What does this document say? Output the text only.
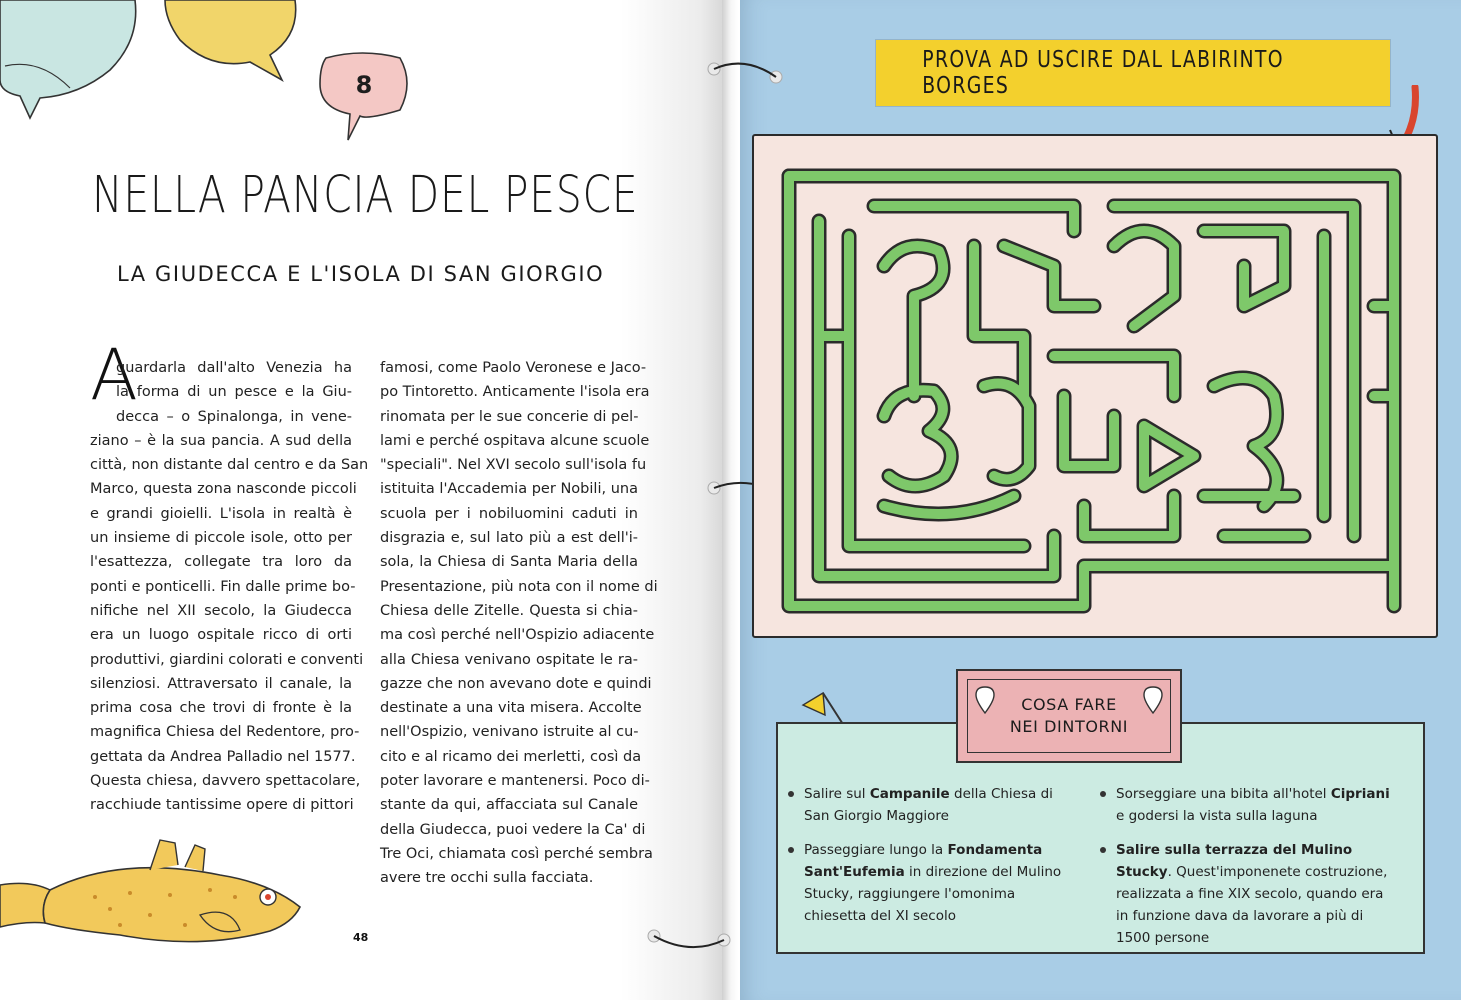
8
NELLA PANCIA DEL PESCE
LA GIUDECCA E L'ISOLA DI SAN GIORGIO
A
guardarla dall'alto Venezia ha
la forma di un pesce e la Giu-
decca – o Spinalonga, in vene-
ziano – è la sua pancia. A sud della
città, non distante dal centro e da San
Marco, questa zona nasconde piccoli
e grandi gioielli. L'isola in realtà è
un insieme di piccole isole, otto per
l'esattezza, collegate tra loro da
ponti e ponticelli. Fin dalle prime bo-
nifiche nel XII secolo, la Giudecca
era un luogo ospitale ricco di orti
produttivi, giardini colorati e conventi
silenziosi. Attraversato il canale, la
prima cosa che trovi di fronte è la
magnifica Chiesa del Redentore, pro-
gettata da Andrea Palladio nel 1577.
Questa chiesa, davvero spettacolare,
racchiude tantissime opere di pittori
famosi, come Paolo Veronese e Jaco-
po Tintoretto. Anticamente l'isola era
rinomata per le sue concerie di pel-
lami e perché ospitava alcune scuole
"speciali". Nel XVI secolo sull'isola fu
istituita l'Accademia per Nobili, una
scuola per i nobiluomini caduti in
disgrazia e, sul lato più a est dell'i-
sola, la Chiesa di Santa Maria della
Presentazione, più nota con il nome di
Chiesa delle Zitelle. Questa si chia-
ma così perché nell'Ospizio adiacente
alla Chiesa venivano ospitate le ra-
gazze che non avevano dote e quindi
destinate a una vita misera. Accolte
nell'Ospizio, venivano istruite al cu-
cito e al ricamo dei merletti, così da
poter lavorare e mantenersi. Poco di-
stante da qui, affacciata sul Canale
della Giudecca, puoi vedere la Ca' di
Tre Oci, chiamata così perché sembra
avere tre occhi sulla facciata.
48
PROVA AD USCIRE DAL LABIRINTO BORGES
COSA FARE
NEI DINTORNI
Salire sul Campanile della Chiesa di San Giorgio Maggiore
Passeggiare lungo la Fondamenta Sant'Eufemia in direzione del Mulino Stucky, raggiungere l'omonima chiesetta del XI secolo
Sorseggiare una bibita all'hotel Cipriani e godersi la vista sulla laguna
Salire sulla terrazza del Mulino Stucky. Quest'imponenete costruzione, realizzata a fine XIX secolo, quando era in funzione dava da lavorare a più di 1500 persone
